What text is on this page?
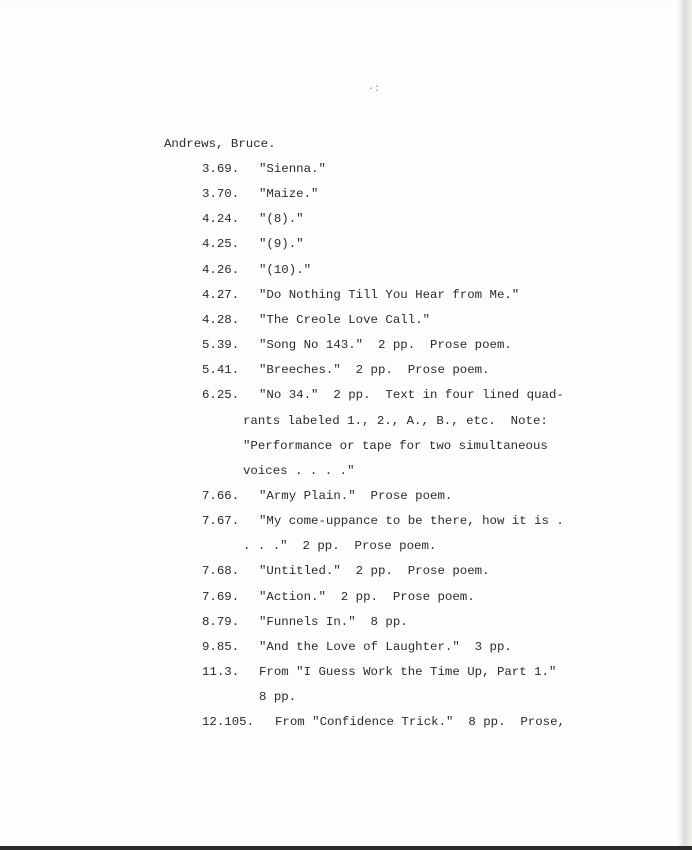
·:
Andrews, Bruce.
3.69. "Sienna."
3.70. "Maize."
4.24. "(8)."
4.25. "(9)."
4.26. "(10)."
4.27. "Do Nothing Till You Hear from Me."
4.28. "The Creole Love Call."
5.39. "Song No 143."  2 pp.  Prose poem.
5.41. "Breeches."  2 pp.  Prose poem.
6.25. "No 34."  2 pp.  Text in four lined quad-
rants labeled 1., 2., A., B., etc.  Note:
"Performance or tape for two simultaneous
voices . . . ."
7.66. "Army Plain."  Prose poem.
7.67. "My come-uppance to be there, how it is .
. . ."  2 pp.  Prose poem.
7.68. "Untitled."  2 pp.  Prose poem.
7.69. "Action."  2 pp.  Prose poem.
8.79. "Funnels In."  8 pp.
9.85. "And the Love of Laughter."  3 pp.
11.3. From "I Guess Work the Time Up, Part 1."
8 pp.
12.105. From "Confidence Trick."  8 pp.  Prose,
